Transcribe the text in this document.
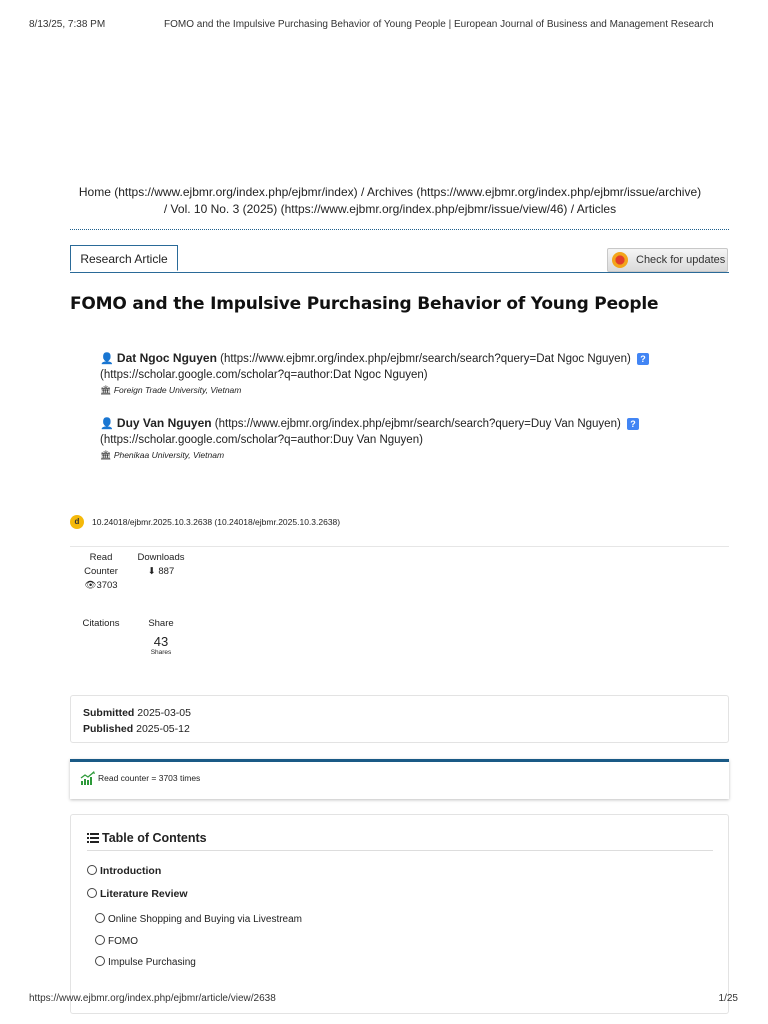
8/13/25, 7:38 PM	FOMO and the Impulsive Purchasing Behavior of Young People | European Journal of Business and Management Research
Home (https://www.ejbmr.org/index.php/ejbmr/index) / Archives (https://www.ejbmr.org/index.php/ejbmr/issue/archive)
/ Vol. 10 No. 3 (2025) (https://www.ejbmr.org/index.php/ejbmr/issue/view/46) / Articles
Research Article	Check for updates
FOMO and the Impulsive Purchasing Behavior of Young People
👤 Dat Ngoc Nguyen (https://www.ejbmr.org/index.php/ejbmr/search/search?query=Dat Ngoc Nguyen) ?
(https://scholar.google.com/scholar?q=author:Dat Ngoc Nguyen)
🏛 Foreign Trade University, Vietnam
👤 Duy Van Nguyen (https://www.ejbmr.org/index.php/ejbmr/search/search?query=Duy Van Nguyen) ?
(https://scholar.google.com/scholar?q=author:Duy Van Nguyen)
🏛 Phenikaa University, Vietnam
d	10.24018/ejbmr.2025.10.3.2638 (10.24018/ejbmr.2025.10.3.2638)
Read
Counter
👁3703
Downloads
⬇ 887
Citations	Share
43
Shares
Submitted 2025-03-05
Published 2025-05-12
Read counter = 3703 times
Table of Contents
Introduction
Literature Review
Online Shopping and Buying via Livestream
FOMO
Impulse Purchasing
https://www.ejbmr.org/index.php/ejbmr/article/view/2638	1/25
